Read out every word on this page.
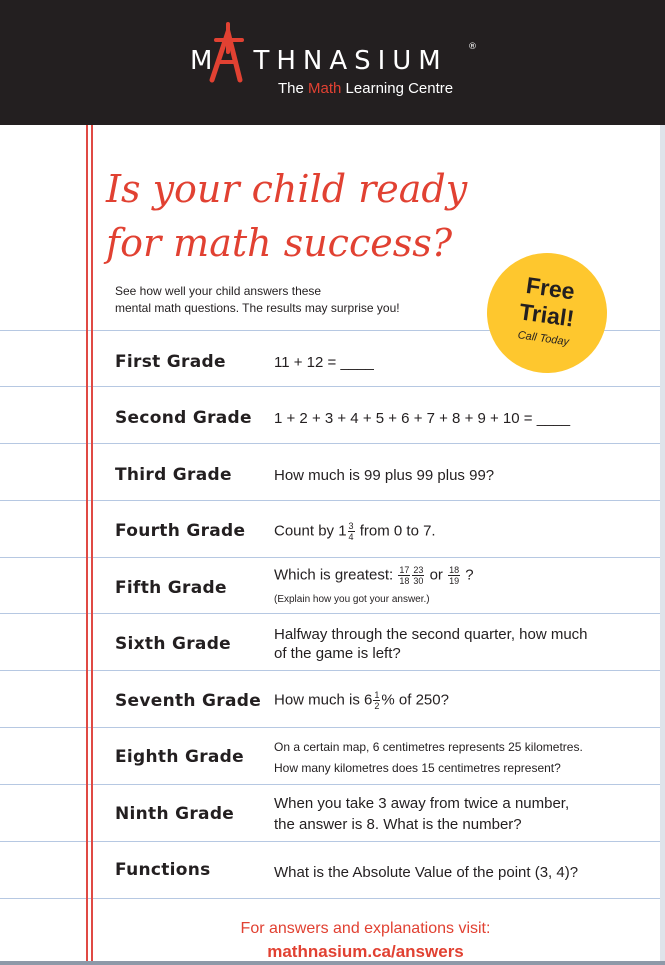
M THNASIUM ®
The Math Learning Centre
Is your child ready
for math success?
See how well your child answers these
mental math questions. The results may surprise you!
Free
Trial!
Call Today
First Grade	11 + 12 = ____
Second Grade 1 + 2 + 3 + 4 + 5 + 6 + 7 + 8 + 9 + 10 = ____
Third Grade	How much is 99 plus 99 plus 99?
Fourth Grade Count by $1 \frac{3}{4}$ from 0 to 7.
Fifth Grade
Which is greatest: $\frac{17}{18} \frac{23}{30}$ or $\frac{18}{19}$ ?
(Explain how you got your answer.)
Sixth Grade	Halfway through the second quarter, how much
of the game is left?
Seventh Grade How much is $6 \frac{1}{2}$ % of 250?
Eighth Grade	On a certain map, 6 centimetres represents 25 kilometres.
How many kilometres does 15 centimetres represent?
Ninth Grade
When you take 3 away from twice a number,
the answer is 8. What is the number?
Functions	What is the Absolute Value of the point (3, 4)?
For answers and explanations visit:
mathnasium.ca/answers
